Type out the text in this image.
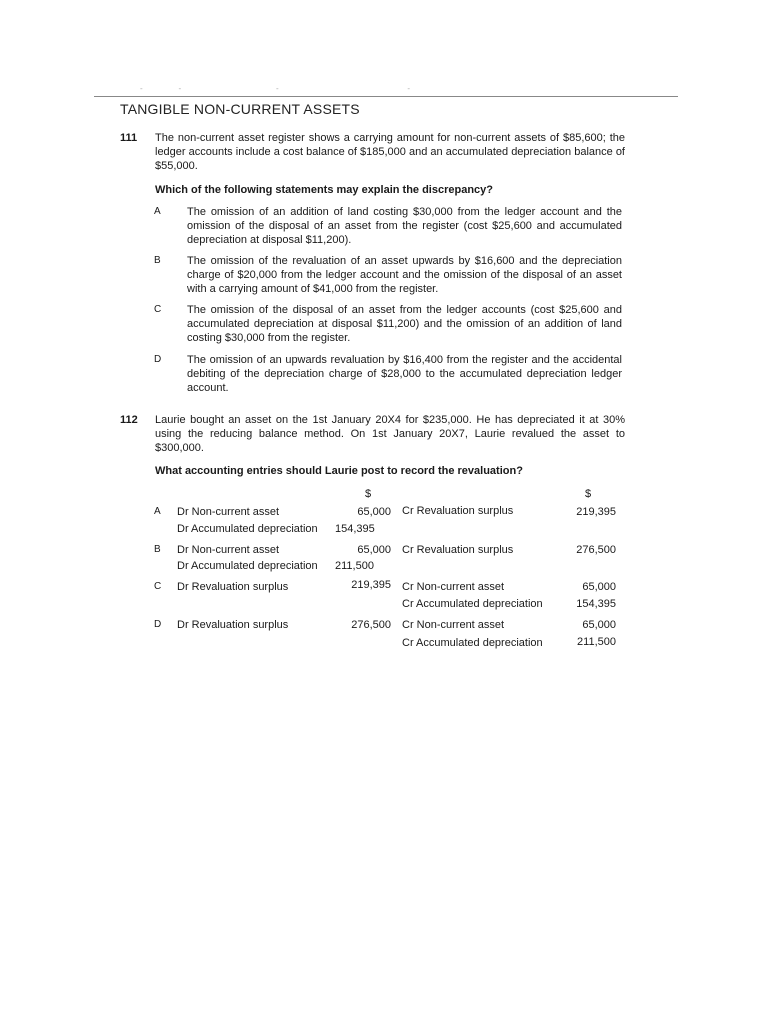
-        -                      -                              -

TANGIBLE NON-CURRENT ASSETS
111 The non-current asset register shows a carrying amount for non-current assets of $85,600; the ledger accounts include a cost balance of $185,000 and an accumulated depreciation balance of $55,000.
Which of the following statements may explain the discrepancy?
A The omission of an addition of land costing $30,000 from the ledger account and the omission of the disposal of an asset from the register (cost $25,600 and accumulated depreciation at disposal $11,200).
B The omission of the revaluation of an asset upwards by $16,600 and the depreciation charge of $20,000 from the ledger account and the omission of the disposal of an asset with a carrying amount of $41,000 from the register.
C The omission of the disposal of an asset from the ledger accounts (cost $25,600 and accumulated depreciation at disposal $11,200) and the omission of an addition of land costing $30,000 from the register.
D The omission of an upwards revaluation by $16,400 from the register and the accidental debiting of the depreciation charge of $28,000 to the accumulated depreciation ledger account.
112 Laurie bought an asset on the 1st January 20X4 for $235,000. He has depreciated it at 30% using the reducing balance method. On 1st January 20X7, Laurie revalued the asset to $300,000.
What accounting entries should Laurie post to record the revaluation?
$	$
A Dr Non-current asset	65,000
Dr Accumulated depreciation 154,395
Cr Revaluation surplus	219,395
B Dr Non-current asset	65,000
Dr Accumulated depreciation 211,500
Cr Revaluation surplus	276,500
C Dr Revaluation surplus	219,395 Cr Non-current asset	65,000
Cr Accumulated depreciation	154,395
D Dr Revaluation surplus	276,500 Cr Non-current asset	65,000
Cr Accumulated depreciation	211,500
